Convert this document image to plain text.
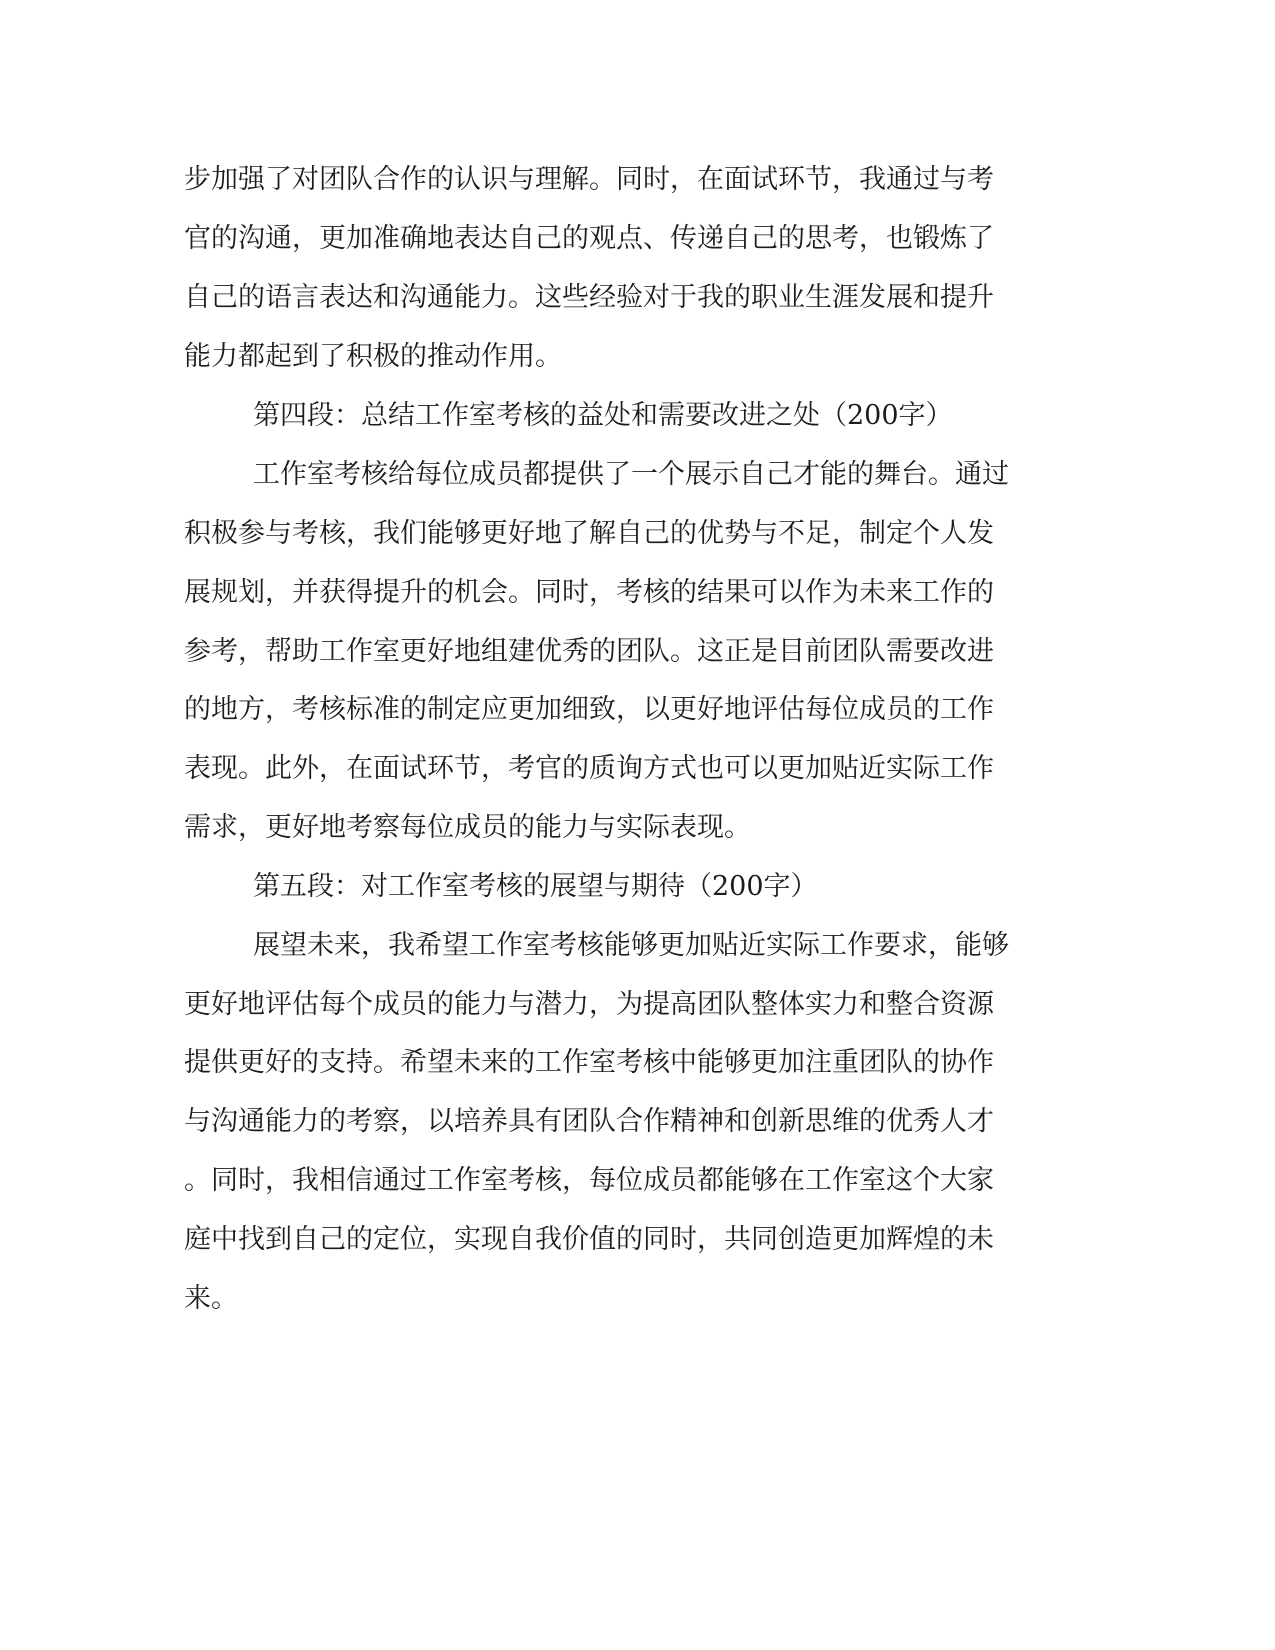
步加强了对团队合作的认识与理解。同时，在面试环节，我通过与考
官的沟通，更加准确地表达自己的观点、传递自己的思考，也锻炼了
自己的语言表达和沟通能力。这些经验对于我的职业生涯发展和提升
能力都起到了积极的推动作用。
第四段：总结工作室考核的益处和需要改进之处（200字）
工作室考核给每位成员都提供了一个展示自己才能的舞台。通过
积极参与考核，我们能够更好地了解自己的优势与不足，制定个人发
展规划，并获得提升的机会。同时，考核的结果可以作为未来工作的
参考，帮助工作室更好地组建优秀的团队。这正是目前团队需要改进
的地方，考核标准的制定应更加细致，以更好地评估每位成员的工作
表现。此外，在面试环节，考官的质询方式也可以更加贴近实际工作
需求，更好地考察每位成员的能力与实际表现。
第五段：对工作室考核的展望与期待（200字）
展望未来，我希望工作室考核能够更加贴近实际工作要求，能够
更好地评估每个成员的能力与潜力，为提高团队整体实力和整合资源
提供更好的支持。希望未来的工作室考核中能够更加注重团队的协作
与沟通能力的考察，以培养具有团队合作精神和创新思维的优秀人才
。同时，我相信通过工作室考核，每位成员都能够在工作室这个大家
庭中找到自己的定位，实现自我价值的同时，共同创造更加辉煌的未
来。
